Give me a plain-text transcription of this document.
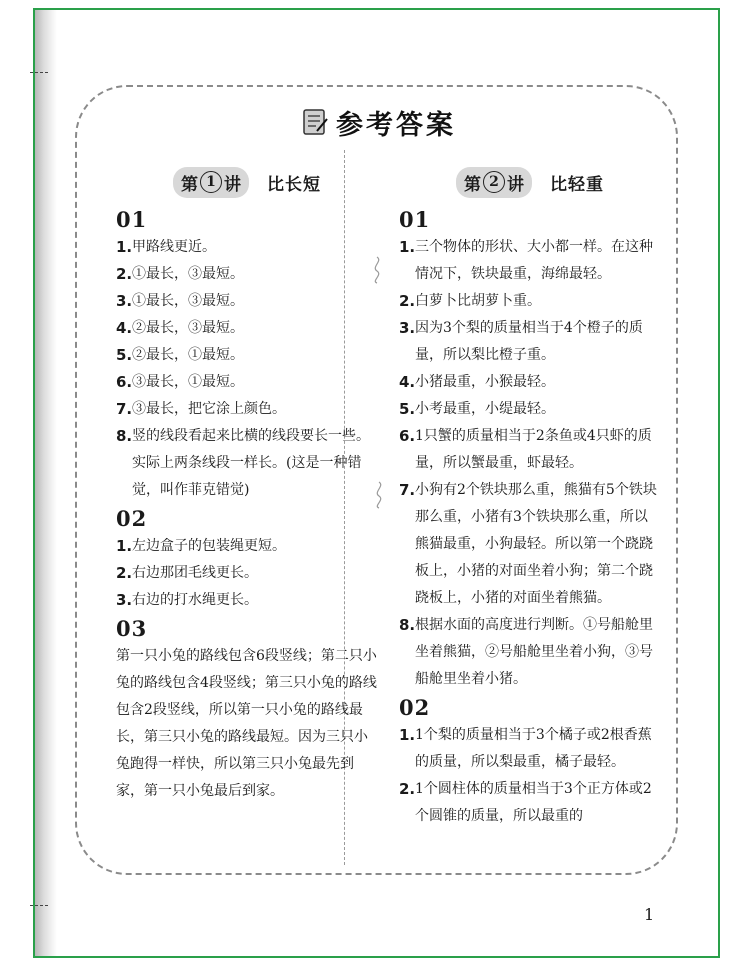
参考答案
第 1 讲 比长短
01
1. 甲路线更近。
2. ①最长，③最短。
3. ①最长，③最短。
4. ②最长，③最短。
5. ②最长，①最短。
6. ③最长，①最短。
7. ③最长，把它涂上颜色。
8. 竖的线段看起来比横的线段要长一些。实际上两条线段一样长。(这是一种错觉，叫作菲克错觉)
02
1. 左边盒子的包装绳更短。
2. 右边那团毛线更长。
3. 右边的打水绳更长。
03
第一只小兔的路线包含6段竖线；第二只小兔的路线包含4段竖线；第三只小兔的路线包含2段竖线，所以第一只小兔的路线最长，第三只小兔的路线最短。因为三只小兔跑得一样快，所以第三只小兔最先到家，第一只小兔最后到家。
第 2 讲 比轻重
01
1. 三个物体的形状、大小都一样。在这种情况下，铁块最重，海绵最轻。
2. 白萝卜比胡萝卜重。
3. 因为3个梨的质量相当于4个橙子的质量，所以梨比橙子重。
4. 小猪最重，小猴最轻。
5. 小考最重，小缇最轻。
6. 1只蟹的质量相当于2条鱼或4只虾的质量，所以蟹最重，虾最轻。
7. 小狗有2个铁块那么重，熊猫有5个铁块那么重，小猪有3个铁块那么重，所以熊猫最重，小狗最轻。所以第一个跷跷板上，小猪的对面坐着小狗；第二个跷跷板上，小猪的对面坐着熊猫。
8. 根据水面的高度进行判断。①号船舱里坐着熊猫，②号船舱里坐着小狗，③号船舱里坐着小猪。
02
1. 1个梨的质量相当于3个橘子或2根香蕉的质量，所以梨最重，橘子最轻。
2. 1个圆柱体的质量相当于3个正方体或2个圆锥的质量，所以最重的
1
